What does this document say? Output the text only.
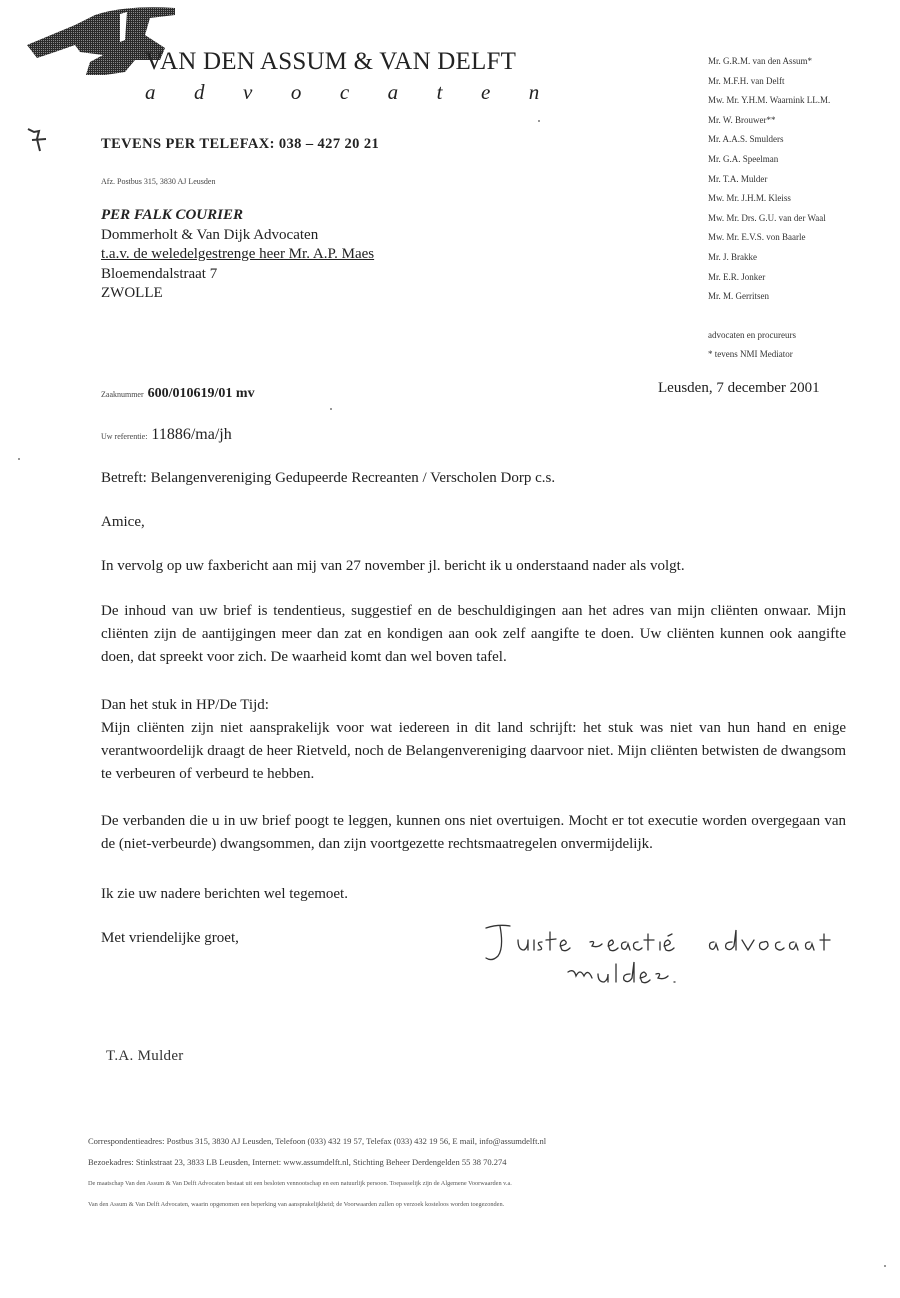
VAN DEN ASSUM & VAN DELFT
advocaten
Mr. G.R.M. van den Assum*
Mr. M.F.H. van Delft
Mw. Mr. Y.H.M. Waarnink LL.M.
Mr. W. Brouwer**
Mr. A.A.S. Smulders
Mr. G.A. Speelman
Mr. T.A. Mulder
Mw. Mr. J.H.M. Kleiss
Mw. Mr. Drs. G.U. van der Waal
Mw. Mr. E.V.S. von Baarle
Mr. J. Brakke
Mr. E.R. Jonker
Mr. M. Gerritsen
advocaten en procureurs
* tevens NMI Mediator
TEVENS PER TELEFAX: 038 – 427 20 21
Afz. Postbus 315, 3830 AJ Leusden
PER FALK COURIER
Dommerholt & Van Dijk Advocaten
t.a.v. de weledelgestrenge heer Mr. A.P. Maes
Bloemendalstraat 7
ZWOLLE
Zaaknummer 600/010619/01 mv
Uw referentie: 11886/ma/jh
Leusden, 7 december 2001
Betreft: Belangenvereniging Gedupeerde Recreanten / Verscholen Dorp c.s.
Amice,
In vervolg op uw faxbericht aan mij van 27 november jl. bericht ik u onderstaand nader als volgt.
De inhoud van uw brief is tendentieus, suggestief en de beschuldigingen aan het adres van mijn cliënten onwaar. Mijn cliënten zijn de aantijgingen meer dan zat en kondigen aan ook zelf aangifte te doen. Uw cliënten kunnen ook aangifte doen, dat spreekt voor zich. De waarheid komt dan wel boven tafel.
Dan het stuk in HP/De Tijd:
Mijn cliënten zijn niet aansprakelijk voor wat iedereen in dit land schrijft: het stuk was niet van hun hand en enige verantwoordelijk draagt de heer Rietveld, noch de Belangenvereniging daarvoor niet. Mijn cliënten betwisten de dwangsom te verbeuren of verbeurd te hebben.
De verbanden die u in uw brief poogt te leggen, kunnen ons niet overtuigen. Mocht er tot executie worden overgegaan van de (niet-verbeurde) dwangsommen, dan zijn voortgezette rechtsmaatregelen onvermijdelijk.
Ik zie uw nadere berichten wel tegemoet.
Met vriendelijke groet,
T.A. Mulder
Correspondentieadres: Postbus 315, 3830 AJ Leusden, Telefoon (033) 432 19 57, Telefax (033) 432 19 56, E mail, info@assumdelft.nl
Bezoekadres: Stinkstraat 23, 3833 LB Leusden, Internet: www.assumdelft.nl, Stichting Beheer Derdengelden 55 38 70.274
De maatschap Van den Assum & Van Delft Advocaten bestaat uit een besloten vennootschap en een natuurlijk persoon. Toepasselijk zijn de Algemene Voorwaarden v.a.
Van den Assum & Van Delft Advocaten, waarin opgenomen een beperking van aansprakelijkheid; de Voorwaarden zullen op verzoek kosteloos worden toegezonden.
